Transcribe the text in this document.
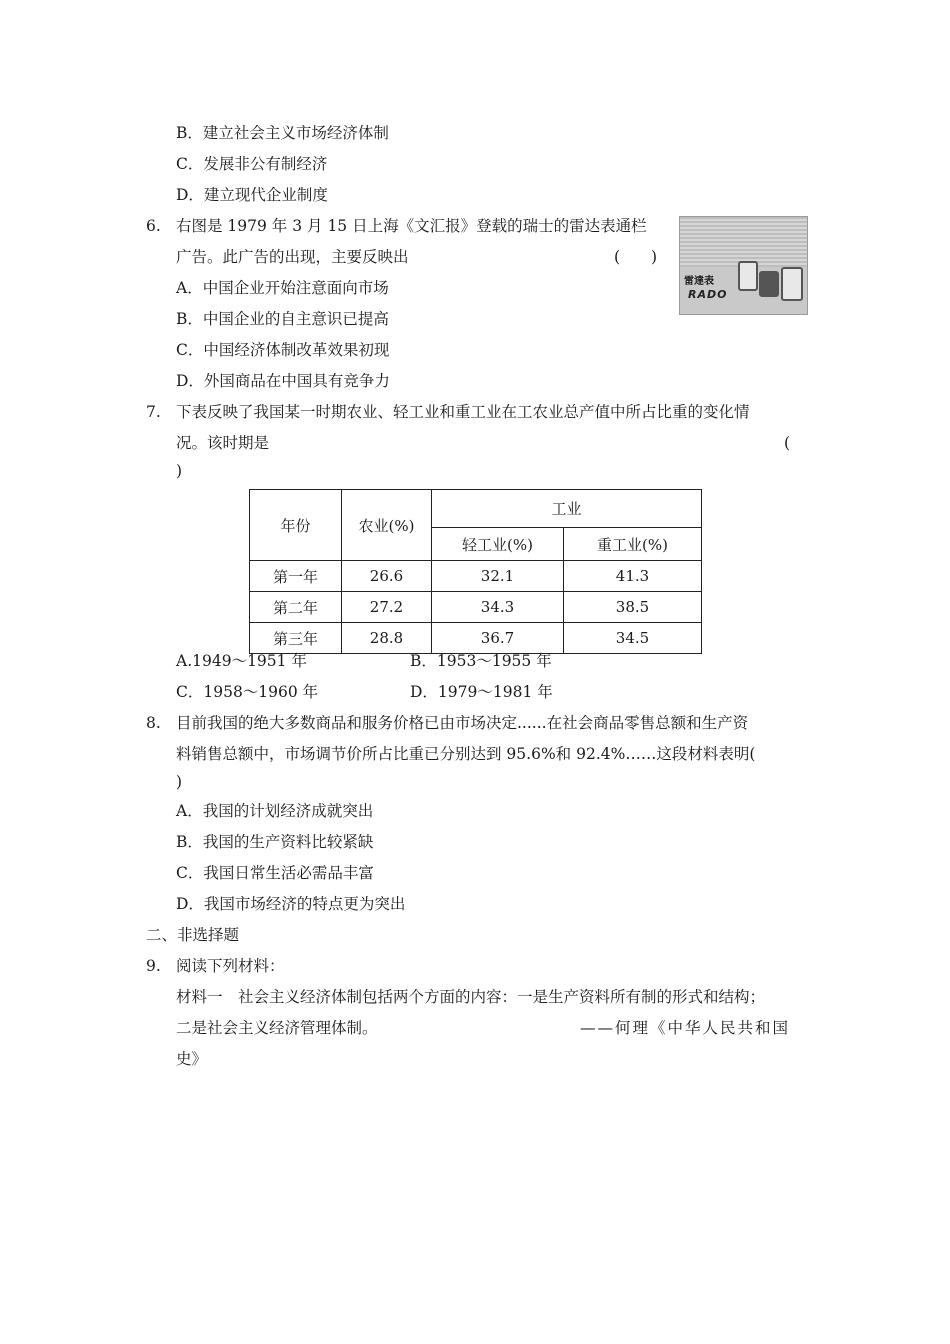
B．建立社会主义市场经济体制
C．发展非公有制经济
D．建立现代企业制度
6. 右图是 1979 年 3 月 15 日上海《文汇报》登载的瑞士的雷达表通栏
广告。此广告的出现，主要反映出	(　　)
A．中国企业开始注意面向市场
B．中国企业的自主意识已提高
C．中国经济体制改革效果初现
D．外国商品在中国具有竞争力
雷達表
RADO
7. 下表反映了我国某一时期农业、轻工业和重工业在工农业总产值中所占比重的变化情
况。该时期是	(
)
年份	农业(%)	工业	
		轻工业(%)	重工业(%)
第一年	26.6	32.1	41.3
第二年	27.2	34.3	38.5
第三年	28.8	36.7	34.5
A.1949～1951 年	B．1953～1955 年
C．1958～1960 年	D．1979～1981 年
8. 目前我国的绝大多数商品和服务价格已由市场决定......在社会商品零售总额和生产资
料销售总额中，市场调节价所占比重已分别达到 95.6%和 92.4%……这段材料表明(
)
A．我国的计划经济成就突出
B．我国的生产资料比较紧缺
C．我国日常生活必需品丰富
D．我国市场经济的特点更为突出
二、非选择题
9. 阅读下列材料：
材料一　社会主义经济体制包括两个方面的内容：一是生产资料所有制的形式和结构；
二是社会主义经济管理体制。	——何理《中华人民共和国
史》
